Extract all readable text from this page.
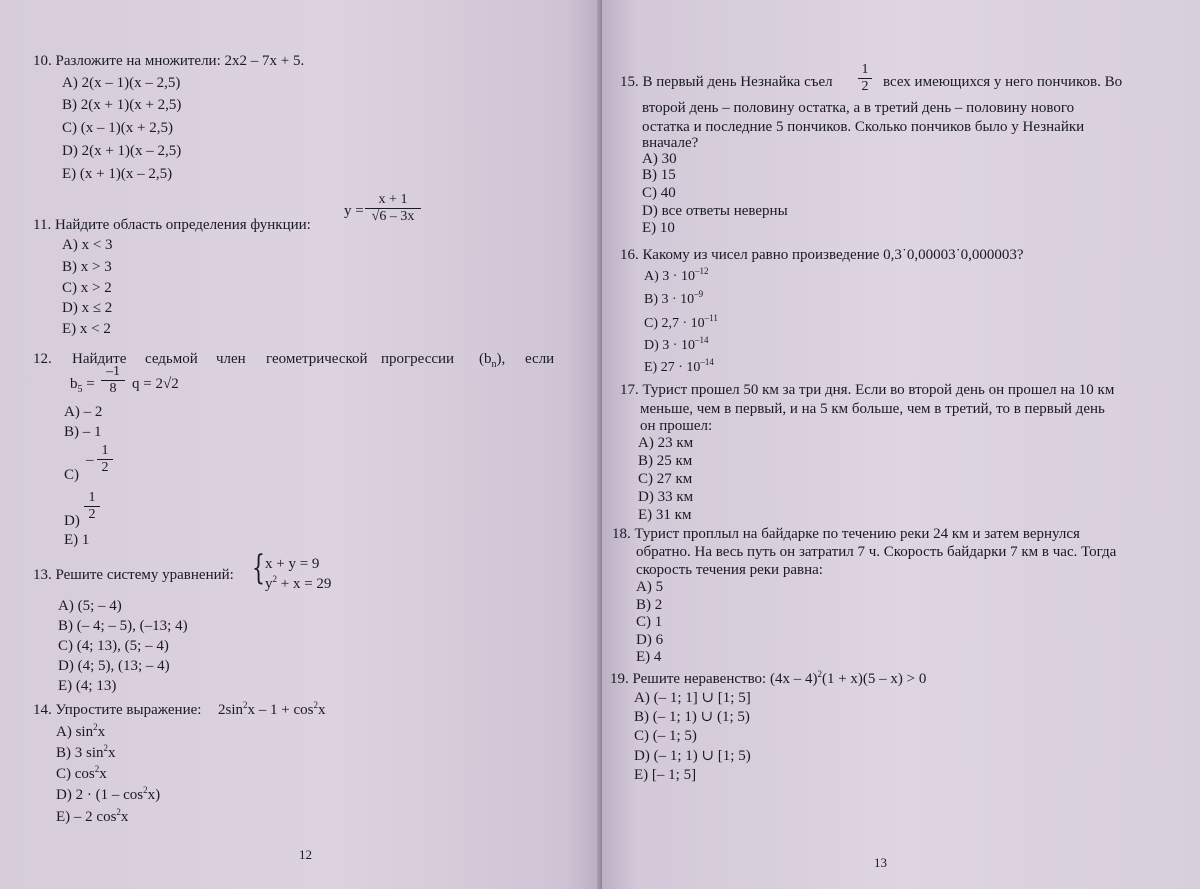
10. Разложите на множители: 2х2 – 7х + 5.
A) 2(x – 1)(x – 2,5)
B) 2(x + 1)(x + 2,5)
C) (x – 1)(x + 2,5)
D) 2(x + 1)(x – 2,5)
E) (x + 1)(x – 2,5)
$y = \frac{x + 1}{√6 - 3x}$
11. Найдите область определения функции:
A) x < 3
B) x > 3
C) x > 2
D) x ≤ 2
E) x < 2
12. Найдите седьмой член геометрической прогрессии $(b_n)$, если
$b_5 = \frac{-1}{8}$ q = 2√2
A) – 2
B) – 1
C)
– $\frac{1}{2}$
$D) \frac{1}{2}$
E) 1
13. Решите систему уравнений: { x + y = 9
$y^2 + x = 29$
A) (5; – 4)
B) (– 4; – 5), (–13; 4)
C) (4; 13), (5; – 4)
D) (4; 5), (13; – 4)
E) (4; 13)
14. Упростите выражение: $2\sin^2x - 1 + \cos^2x$
A) $\sin^2x$
B) 3 $\sin^2x$
C) $\cos^2x$
D) $2 \cdot (1 - \cos^2x)$
E) – 2 $\cos^2x$
12
15. В первый день Незнайка съел $\frac{1}{2}$ всех имеющихся у него пончиков. Во
второй день – половину остатка, а в третий день – половину нового
остатка и последние 5 пончиков. Сколько пончиков было у Незнайки
вначале?
A) 30
B) 15
C) 40
D) все ответы неверны
E) 10
16. Какому из чисел равно произведение 0,3˙0,00003˙0,000003?
A) $3 \cdot 10^{-12}$
B) $3 \cdot 10^{-9}$
C) $2,7 \cdot 10^{-11}$
D) $3 \cdot 10^{-14}$
E) $27 \cdot 10^{-14}$
17. Турист прошел 50 км за три дня. Если во второй день он прошел на 10 км
меньше, чем в первый, и на 5 км больше, чем в третий, то в первый день
он прошел:
A) 23 км
B) 25 км
C) 27 км
D) 33 км
E) 31 км
18. Турист проплыл на байдарке по течению реки 24 км и затем вернулся
обратно. На весь путь он затратил 7 ч. Скорость байдарки 7 км в час. Тогда
скорость течения реки равна:
A) 5
B) 2
C) 1
D) 6
E) 4
19. Решите неравенство: (4x – 4)$^2$(1 + x)(5 – x) > 0
A) (– 1; 1] ∪ [1; 5]
B) (– 1; 1) ∪ (1; 5)
C) (– 1; 5)
D) (– 1; 1) ∪ [1; 5)
E) [– 1; 5]
13
